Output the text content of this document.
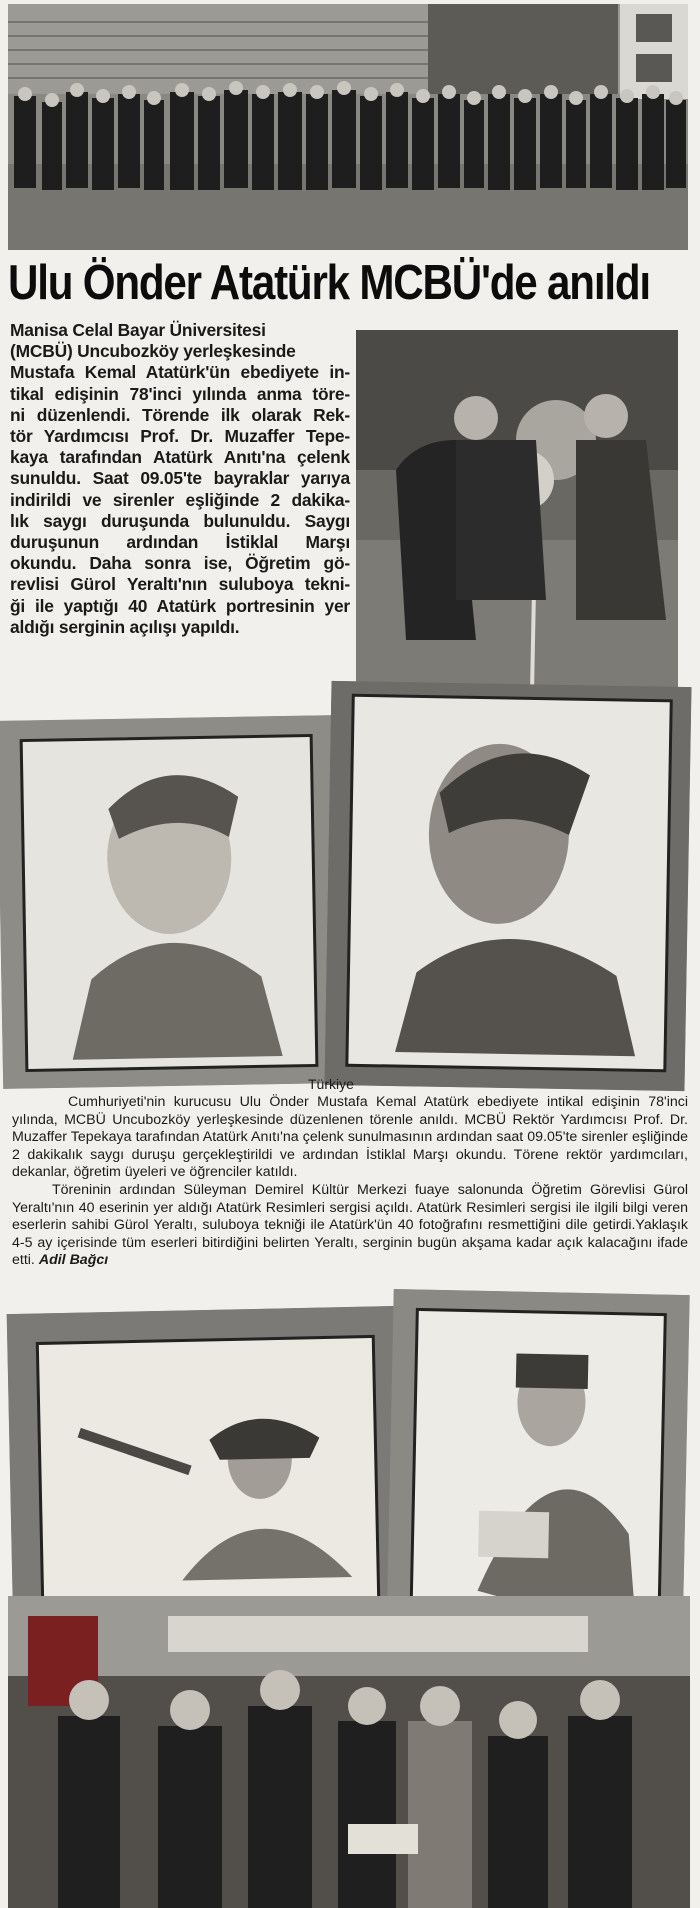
Ulu Önder Atatürk MCBÜ'de anıldı
Manisa Celal Bayar Üniversitesi
(MCBÜ) Uncubozköy yerleşkesinde
Mustafa Kemal Atatürk'ün ebediyete in-
tikal edişinin 78'inci yılında anma töre-
ni düzenlendi. Törende ilk olarak Rek-
tör Yardımcısı Prof. Dr. Muzaffer Tepe-
kaya tarafından Atatürk Anıtı'na çelenk
sunuldu. Saat 09.05'te bayraklar yarıya
indirildi ve sirenler eşliğinde 2 dakika-
lık saygı duruşunda bulunuldu. Saygı
duruşunun ardından İstiklal Marşı
okundu. Daha sonra ise, Öğretim gö-
revlisi Gürol Yeraltı'nın suluboya tekni-
ği ile yaptığı 40 Atatürk portresinin yer
aldığı serginin açılışı yapıldı.
Türkiye

Cumhuriyeti'nin kurucusu Ulu Önder Mustafa Kemal Atatürk ebediyete intikal edişinin 78'inci yılında, MCBÜ Uncubozköy yerleşkesinde düzenlenen törenle anıldı. MCBÜ Rektör Yardımcısı Prof. Dr. Muzaffer Tepekaya tarafından Atatürk Anıtı'na çelenk sunulmasının ardından saat 09.05'te sirenler eşliğinde 2 dakikalık saygı duruşu gerçekleştirildi ve ardından İstiklal Marşı okundu. Törene rektör yardımcıları, dekanlar, öğretim üyeleri ve öğrenciler katıldı.

Töreninin ardından Süleyman Demirel Kültür Merkezi fuaye salonunda Öğretim Görevlisi Gürol Yeraltı'nın 40 eserinin yer aldığı Atatürk Resimleri sergisi açıldı. Atatürk Resimleri sergisi ile ilgili bilgi veren eserlerin sahibi Gürol Yeraltı, suluboya tekniği ile Atatürk'ün 40 fotoğrafını resmettiğini dile getirdi.Yaklaşık 4-5 ay içerisinde tüm eserleri bitirdiğini belirten Yeraltı, serginin bugün akşama kadar açık kalacağını ifade etti. Adil Bağcı
